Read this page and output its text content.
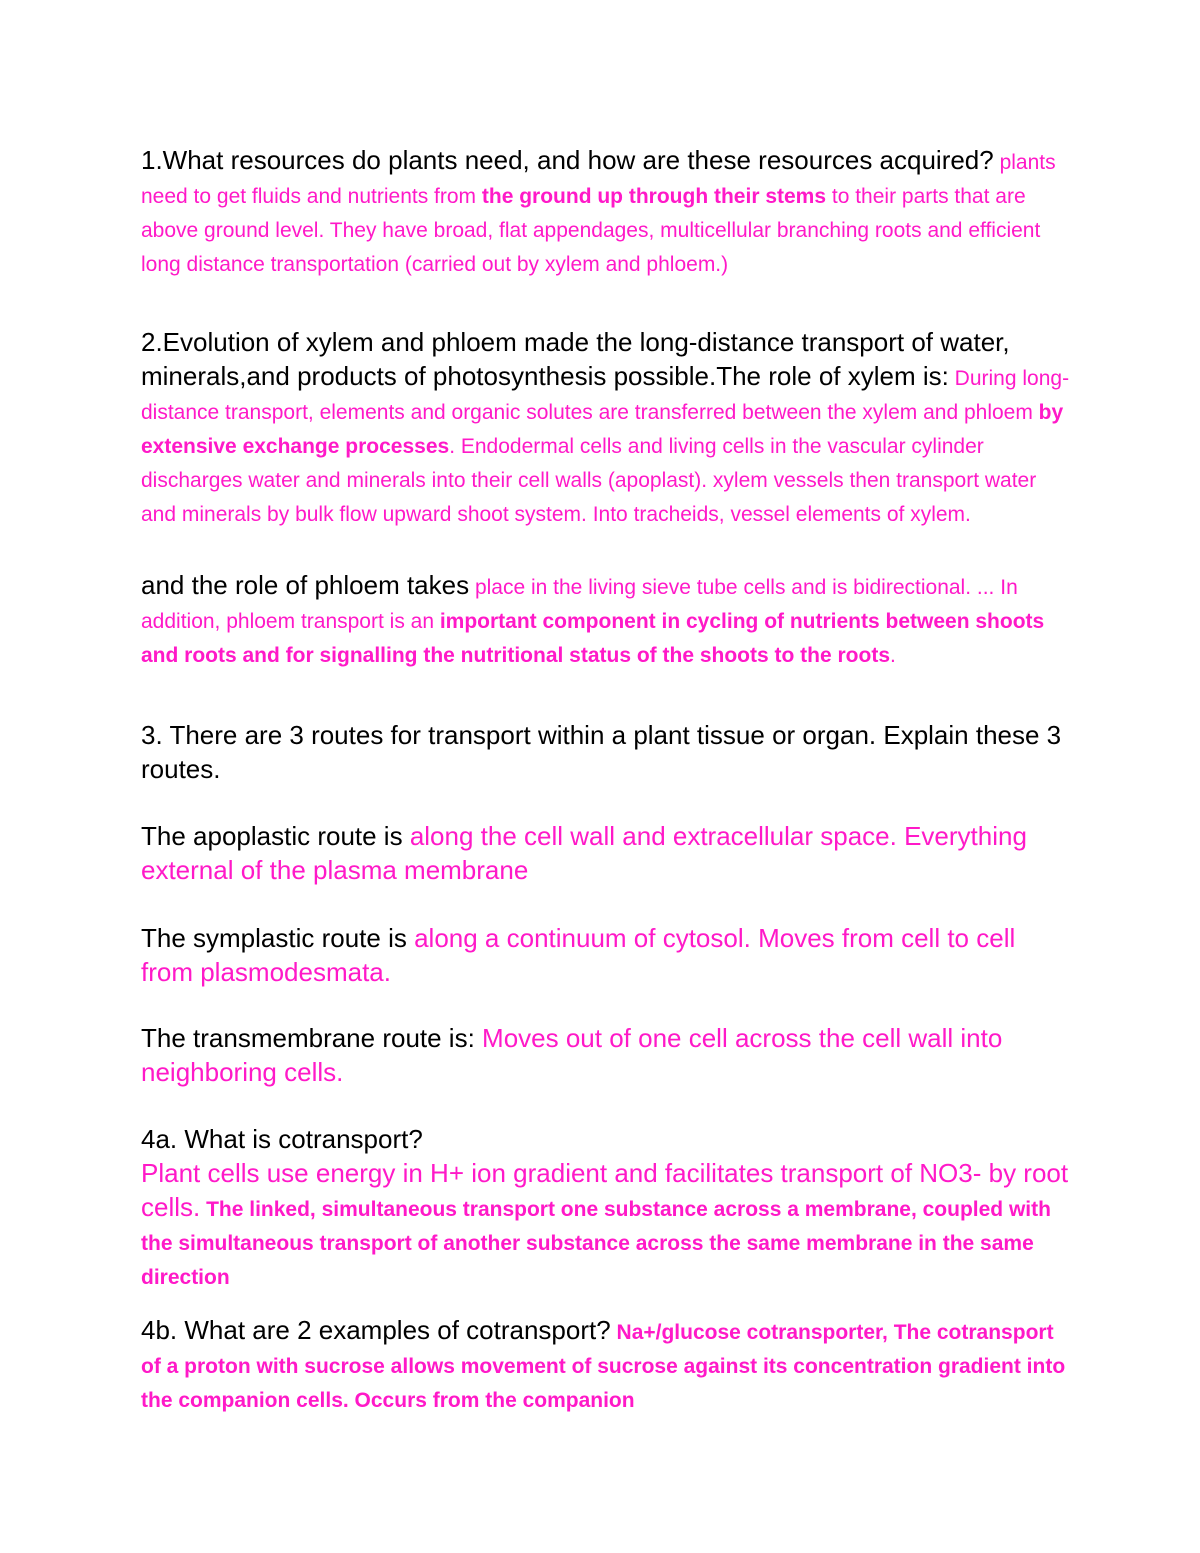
1.What resources do plants need, and how are these resources acquired? plants need to get fluids and nutrients from the ground up through their stems to their parts that are above ground level. They have broad, flat appendages, multicellular branching roots and efficient long distance transportation (carried out by xylem and phloem.)

2.Evolution of xylem and phloem made the long-distance transport of water, minerals,and products of photosynthesis possible.The role of xylem is: During long-distance transport, elements and organic solutes are transferred between the xylem and phloem by extensive exchange processes. Endodermal cells and living cells in the vascular cylinder discharges water and minerals into their cell walls (apoplast). xylem vessels then transport water and minerals by bulk flow upward shoot system. Into tracheids, vessel elements of xylem.

and the role of phloem takes place in the living sieve tube cells and is bidirectional. ... In addition, phloem transport is an important component in cycling of nutrients between shoots and roots and for signalling the nutritional status of the shoots to the roots.

3. There are 3 routes for transport within a plant tissue or organ. Explain these 3 routes.

The apoplastic route is along the cell wall and extracellular space. Everything external of the plasma membrane

The symplastic route is along a continuum of cytosol. Moves from cell to cell from plasmodesmata.

The transmembrane route is: Moves out of one cell across the cell wall into neighboring cells.

4a. What is cotransport?

Plant cells use energy in H+ ion gradient and facilitates transport of NO3- by root cells. The linked, simultaneous transport one substance across a membrane, coupled with the simultaneous transport of another substance across the same membrane in the same direction

4b. What are 2 examples of cotransport? Na+/glucose cotransporter, The cotransport of a proton with sucrose allows movement of sucrose against its concentration gradient into the companion cells. Occurs from the companion
